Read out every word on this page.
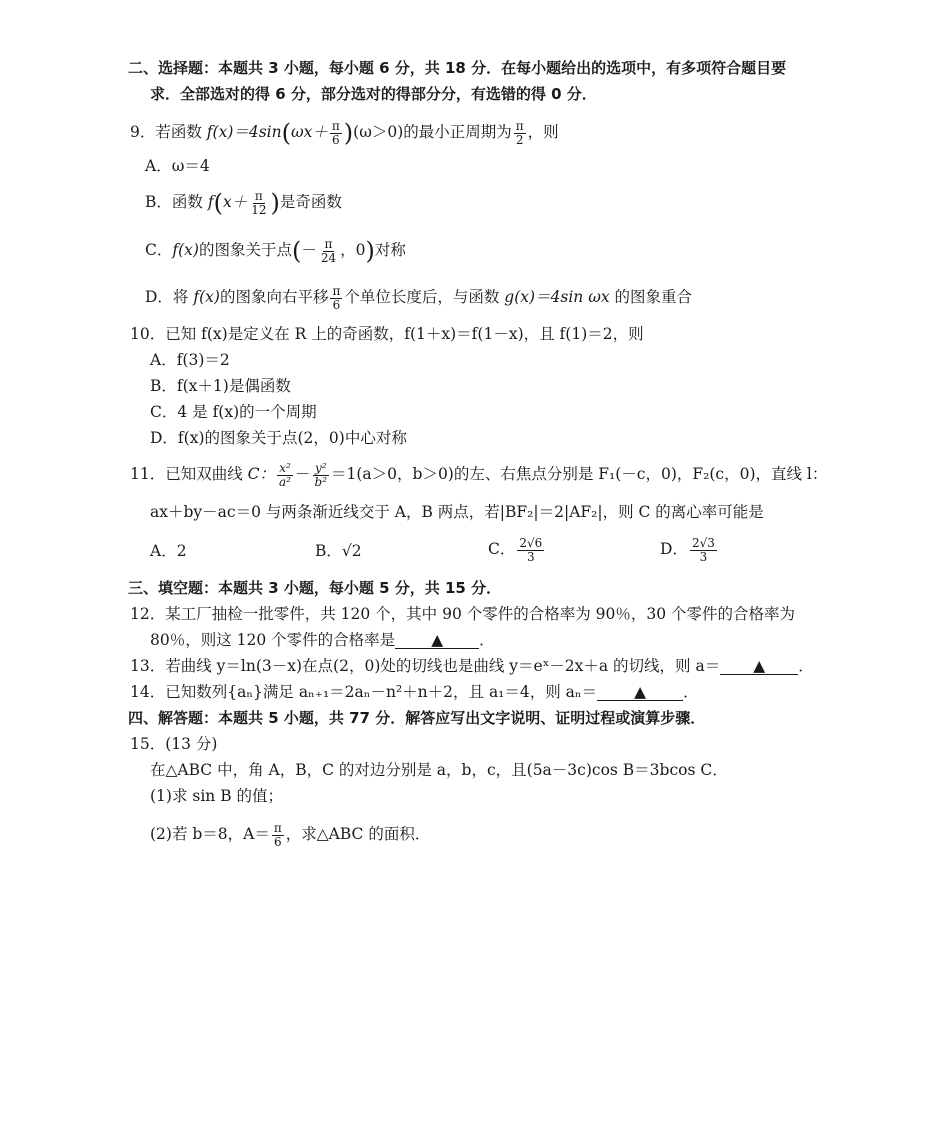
二、选择题：本题共 3 小题，每小题 6 分，共 18 分．在每小题给出的选项中，有多项符合题目要
求．全部选对的得 6 分，部分选对的得部分分，有选错的得 0 分．
9．若函数 $f(x)=4\sin(\omega x+ \frac{\pi}{6} )(\omega>0)$的最小正周期为 $\frac{\pi}{2}$ ，则
A．ω＝4
B．函数 $f(x+ \frac{\pi}{12}$ )是奇函数
C．f(x)的图象关于点(－ $\frac{\pi}{24}$ ，0)对称
D．将 f(x)的图象向右平移 $\frac{\pi}{6}$ 个单位长度后，与函数 g(x)＝4sin ωx 的图象重合
10．已知 f(x)是定义在 R 上的奇函数，f(1＋x)＝f(1－x)，且 f(1)＝2，则
A．f(3)＝2
B．f(x＋1)是偶函数
C．4 是 f(x)的一个周期
D．f(x)的图象关于点(2，0)中心对称
11．已知双曲线 C： $\frac{\text{x²}}{\text{a²}} - \frac{\text{y²}}{\text{b²}} =1(a>0$，b＞0)的左、右焦点分别是 F₁(－c，0)，F₂(c，0)，直线 l：
ax＋by－ac＝0 与两条渐近线交于 A，B 两点，若|BF₂|＝2|AF₂|，则 C 的离心率可能是
A．2	B．√2	C． $\frac{2√6}{3}$	D． $\frac{2√3}{3}$
三、填空题：本题共 3 小题，每小题 5 分，共 15 分．
12．某工厂抽检一批零件，共 120 个，其中 90 个零件的合格率为 90％，30 个零件的合格率为
80％，则这 120 个零件的合格率是 ▲ ．
13．若曲线 y＝ln(3－x)在点(2，0)处的切线也是曲线 y＝eˣ－2x＋a 的切线，则 a＝ ▲ ．
14．已知数列{aₙ}满足 aₙ₊₁＝2aₙ－n²＋n＋2，且 a₁＝4，则 aₙ＝ ▲ ．
四、解答题：本题共 5 小题，共 77 分．解答应写出文字说明、证明过程或演算步骤．
15．(13 分)
在△ABC 中，角 A，B，C 的对边分别是 a，b，c，且(5a－3c)cos B＝3bcos C．
(1)求 sin B 的值；
(2)若 b＝8，$A= \frac{\pi}{6}$ ，求△ABC 的面积．
